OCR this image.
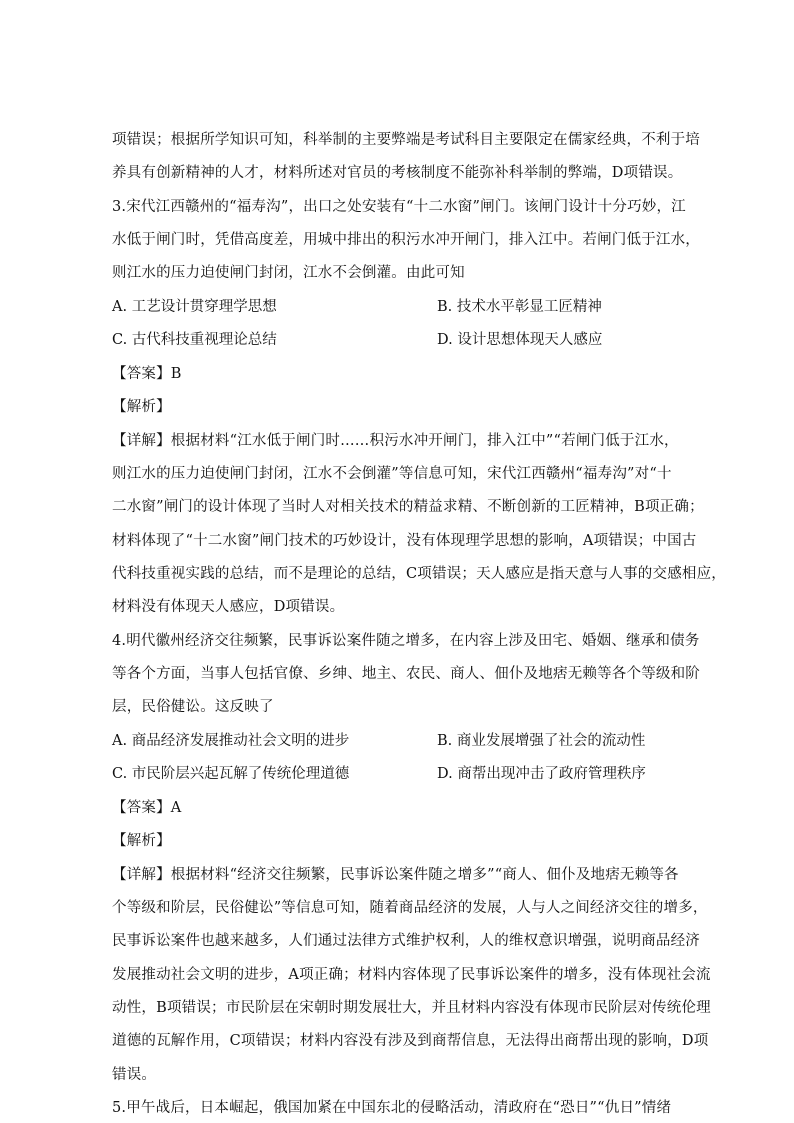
项错误；根据所学知识可知，科举制的主要弊端是考试科目主要限定在儒家经典，不利于培
养具有创新精神的人才，材料所述对官员的考核制度不能弥补科举制的弊端，D项错误。
3.宋代江西赣州的“福寿沟”，出口之处安装有“十二水窗”闸门。该闸门设计十分巧妙，江
水低于闸门时，凭借高度差，用城中排出的积污水冲开闸门，排入江中。若闸门低于江水，
则江水的压力迫使闸门封闭，江水不会倒灌。由此可知
A. 工艺设计贯穿理学思想	B. 技术水平彰显工匠精神
C. 古代科技重视理论总结	D. 设计思想体现天人感应
【答案】B
【解析】
【详解】根据材料“江水低于闸门时……积污水冲开闸门，排入江中”“若闸门低于江水，
则江水的压力迫使闸门封闭，江水不会倒灌”等信息可知，宋代江西赣州“福寿沟”对“十
二水窗”闸门的设计体现了当时人对相关技术的精益求精、不断创新的工匠精神，B项正确；
材料体现了“十二水窗”闸门技术的巧妙设计，没有体现理学思想的影响，A项错误；中国古
代科技重视实践的总结，而不是理论的总结，C项错误；天人感应是指天意与人事的交感相应，
材料没有体现天人感应，D项错误。
4.明代徽州经济交往频繁，民事诉讼案件随之增多，在内容上涉及田宅、婚姻、继承和债务
等各个方面，当事人包括官僚、乡绅、地主、农民、商人、佃仆及地痞无赖等各个等级和阶
层，民俗健讼。这反映了
A. 商品经济发展推动社会文明的进步	B. 商业发展增强了社会的流动性
C. 市民阶层兴起瓦解了传统伦理道德	D. 商帮出现冲击了政府管理秩序
【答案】A
【解析】
【详解】根据材料“经济交往频繁，民事诉讼案件随之增多”“商人、佃仆及地痞无赖等各
个等级和阶层，民俗健讼”等信息可知，随着商品经济的发展，人与人之间经济交往的增多，
民事诉讼案件也越来越多，人们通过法律方式维护权利，人的维权意识增强，说明商品经济
发展推动社会文明的进步，A项正确；材料内容体现了民事诉讼案件的增多，没有体现社会流
动性，B项错误；市民阶层在宋朝时期发展壮大，并且材料内容没有体现市民阶层对传统伦理
道德的瓦解作用，C项错误；材料内容没有涉及到商帮信息，无法得出商帮出现的影响，D项
错误。
5.甲午战后，日本崛起，俄国加紧在中国东北的侵略活动，清政府在“恐日”“仇日”情绪
